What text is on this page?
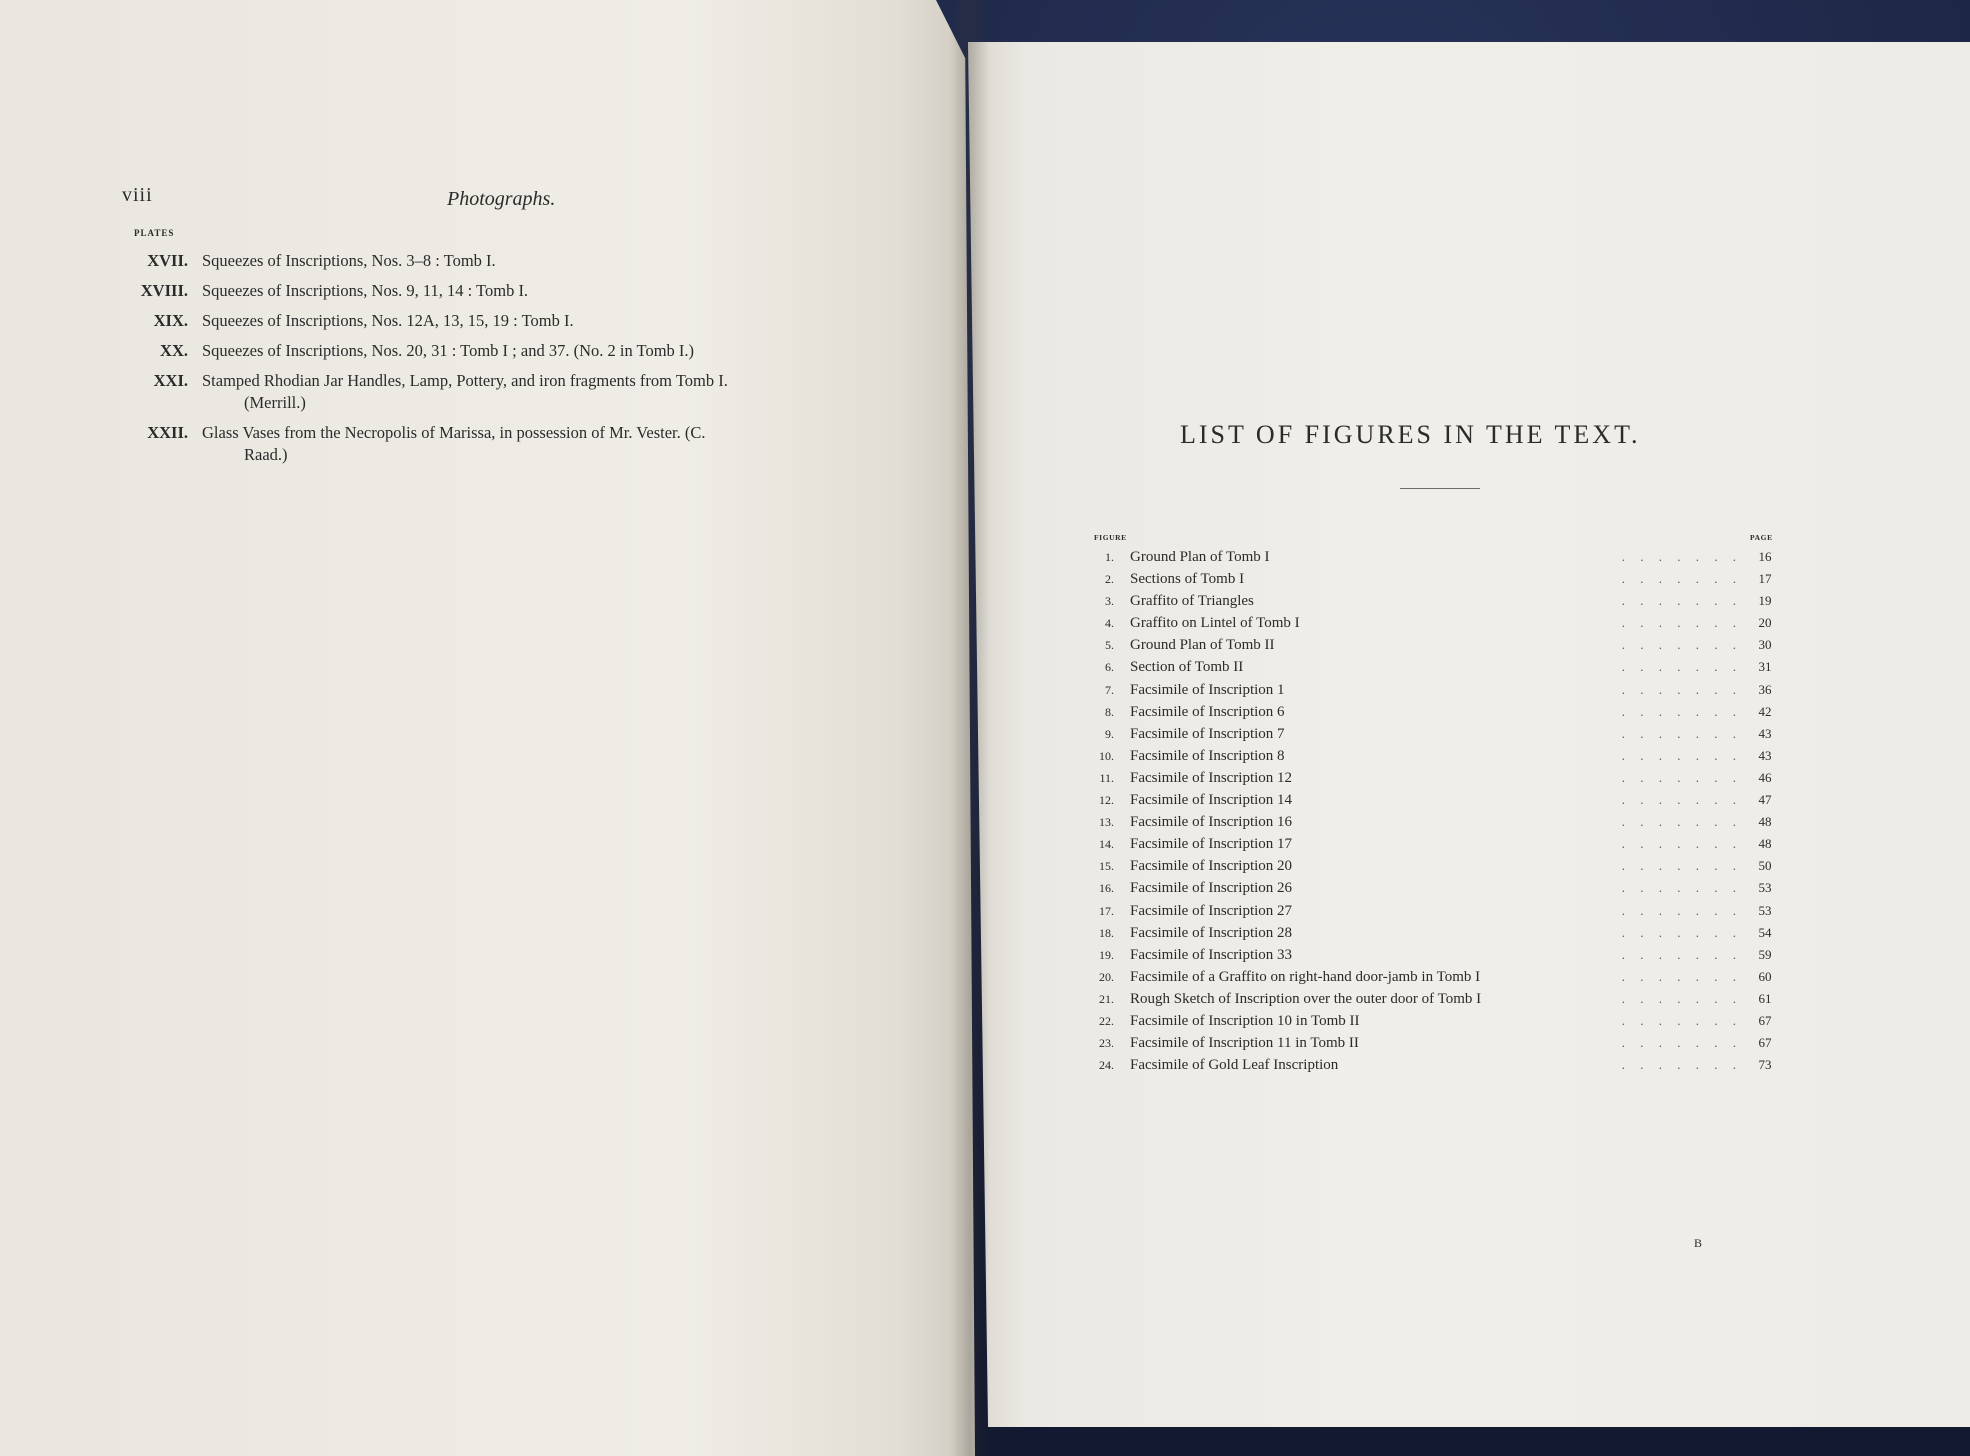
viii	Photographs.
PLATES
XVII. Squeezes of Inscriptions, Nos. 3–8 : Tomb I.
XVIII. Squeezes of Inscriptions, Nos. 9, 11, 14 : Tomb I.
XIX. Squeezes of Inscriptions, Nos. 12A, 13, 15, 19 : Tomb I.
XX. Squeezes of Inscriptions, Nos. 20, 31 : Tomb I ; and 37. (No. 2 in Tomb I.)
XXI. Stamped Rhodian Jar Handles, Lamp, Pottery, and iron fragments from Tomb I.
(Merrill.)
XXII. Glass Vases from the Necropolis of Marissa, in possession of Mr. Vester. (C.
Raad.)
LIST OF FIGURES IN THE TEXT.
FIGURE	PAGE
1. Ground Plan of Tomb I	. . . . . . .	16
2. Sections of Tomb I	. . . . . . .	17
3. Graffito of Triangles	. . . . . . .	19
4. Graffito on Lintel of Tomb I	. . . . . . .	20
5. Ground Plan of Tomb II	. . . . . . .	30
6. Section of Tomb II	. . . . . . .	31
7. Facsimile of Inscription 1	. . . . . . .	36
8. Facsimile of Inscription 6	. . . . . . .	42
9. Facsimile of Inscription 7	. . . . . . .	43
10. Facsimile of Inscription 8	. . . . . . .	43
11. Facsimile of Inscription 12	. . . . . . .	46
12. Facsimile of Inscription 14	. . . . . . .	47
13. Facsimile of Inscription 16	. . . . . . .	48
14. Facsimile of Inscription 17	. . . . . . .	48
15. Facsimile of Inscription 20	. . . . . . .	50
16. Facsimile of Inscription 26	. . . . . . .	53
17. Facsimile of Inscription 27	. . . . . . .	53
18. Facsimile of Inscription 28	. . . . . . .	54
19. Facsimile of Inscription 33	. . . . . . .	59
20. Facsimile of a Graffito on right-hand door-jamb in Tomb I	. . . . . . .	60
21. Rough Sketch of Inscription over the outer door of Tomb I	. . . . . . .	61
22. Facsimile of Inscription 10 in Tomb II	. . . . . . .	67
23. Facsimile of Inscription 11 in Tomb II	. . . . . . .	67
24. Facsimile of Gold Leaf Inscription	. . . . . . .	73
B
